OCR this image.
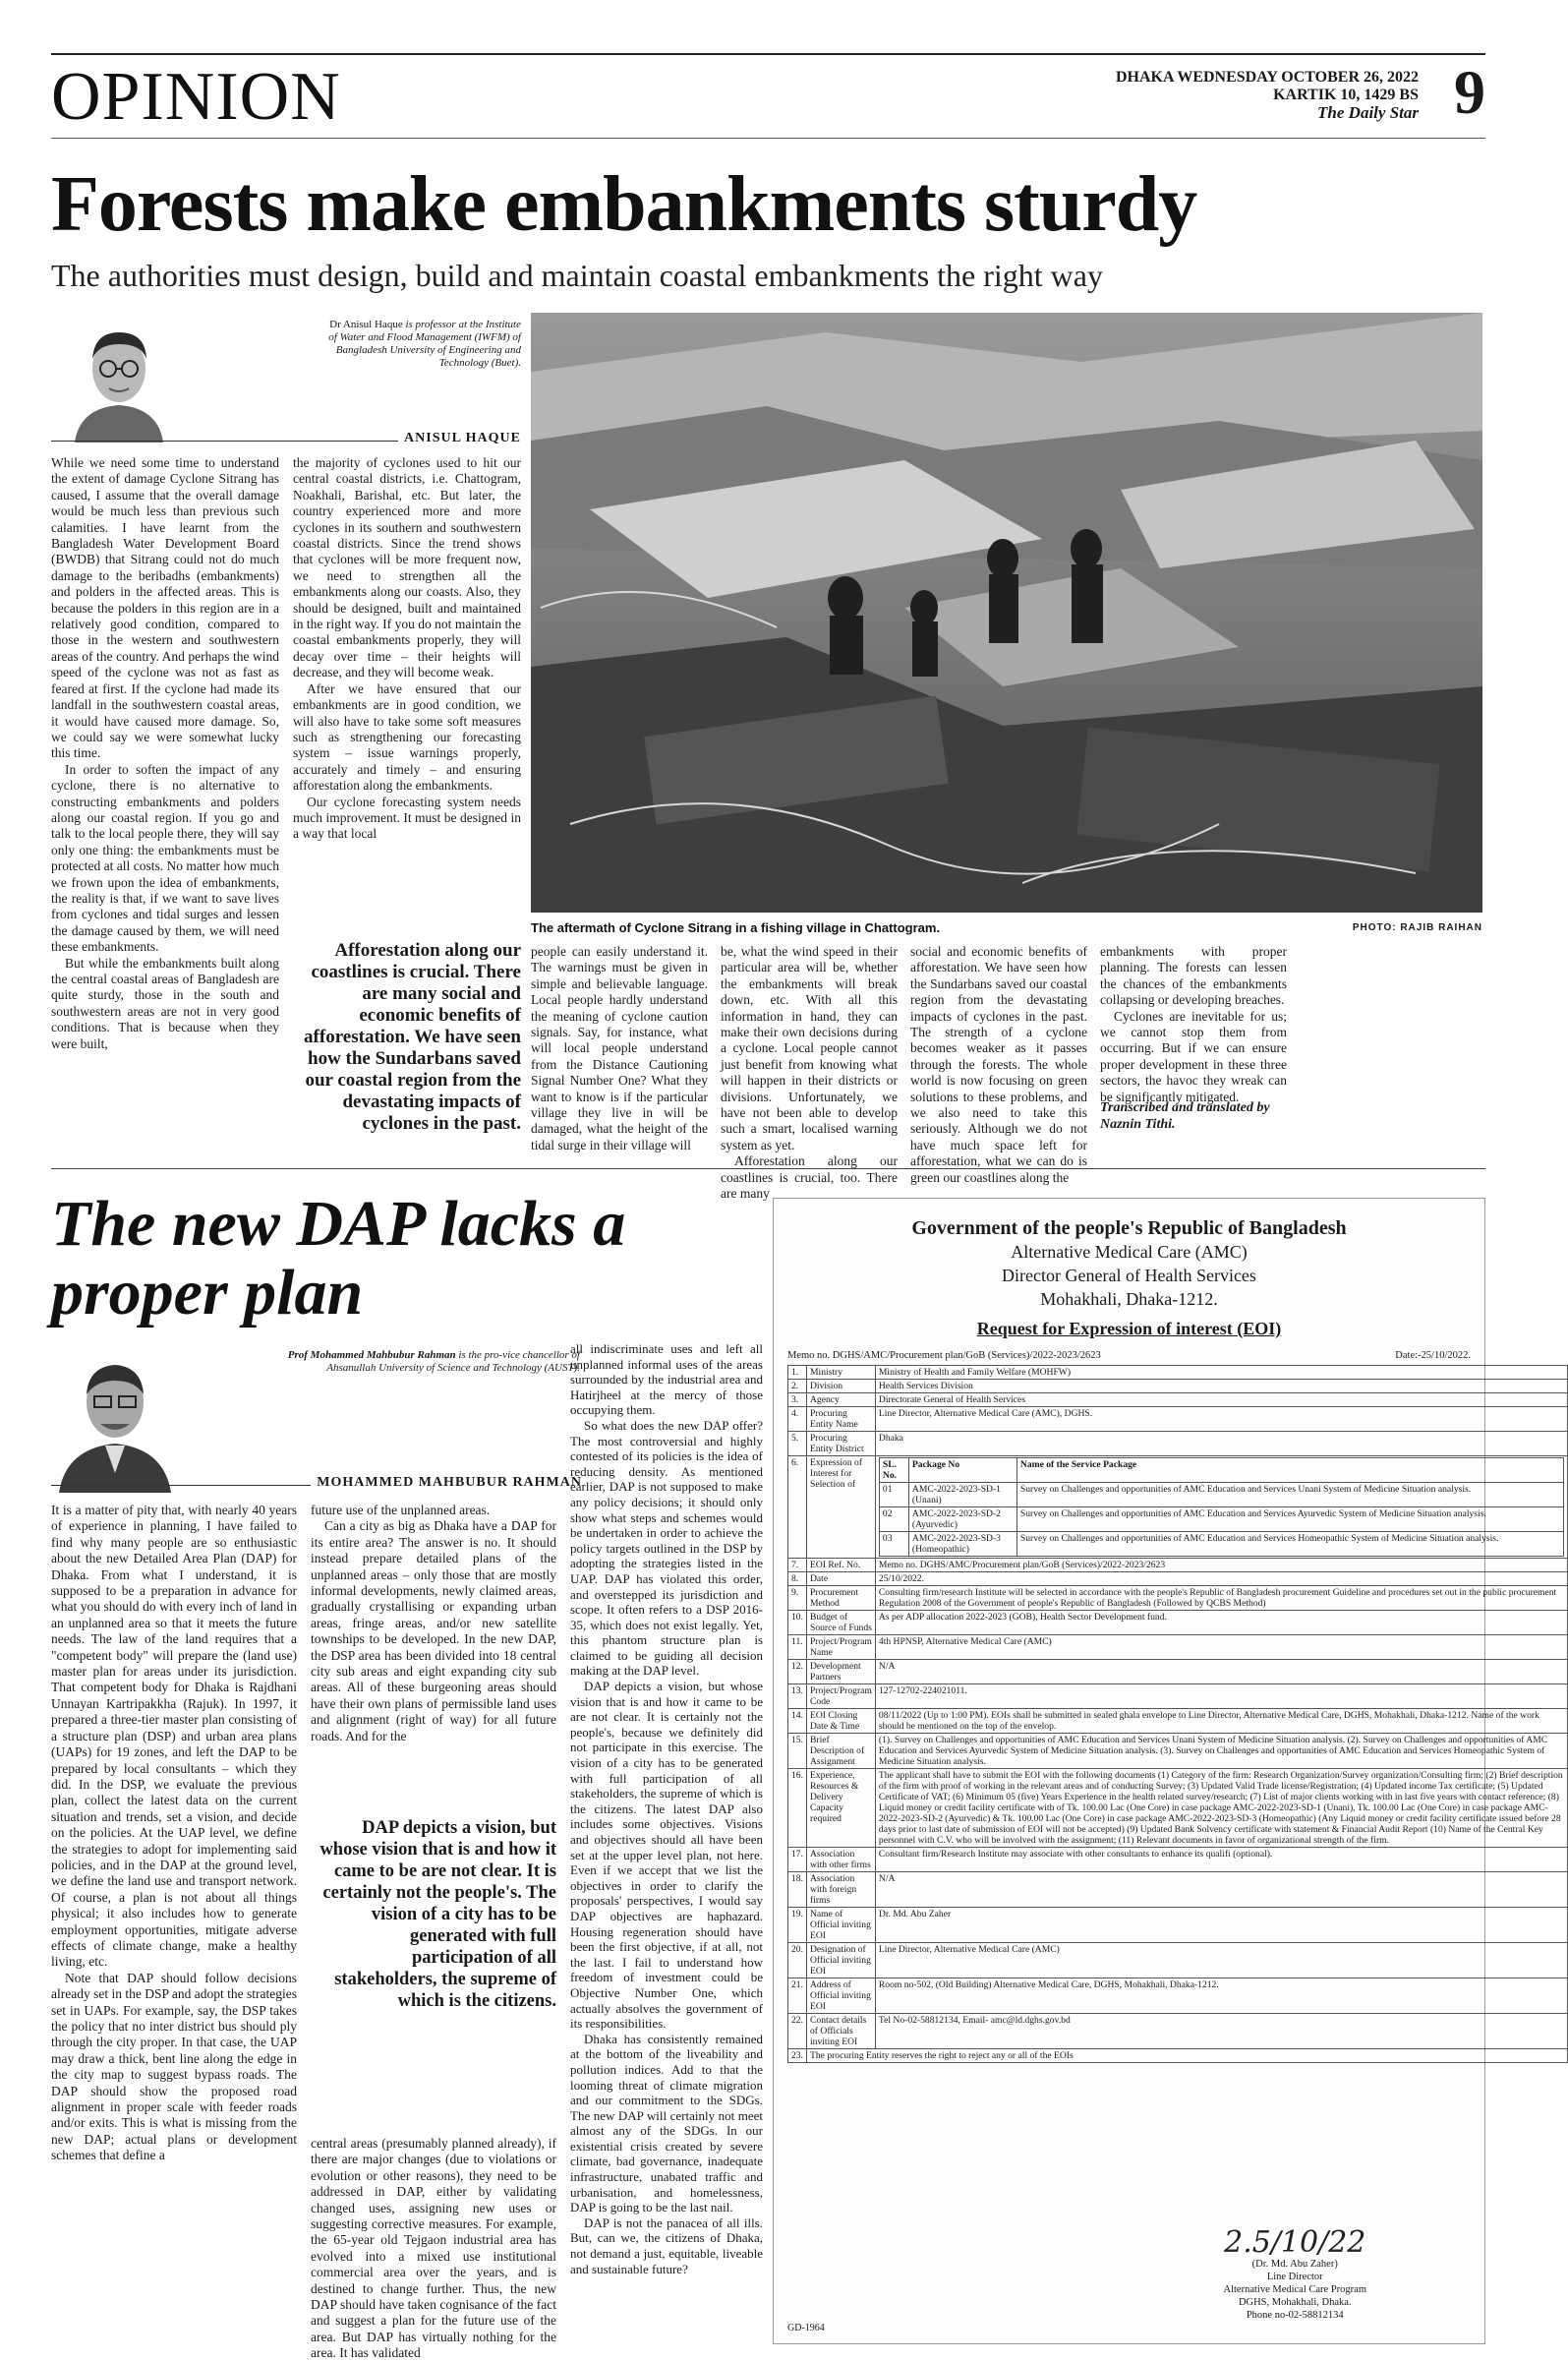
OPINION	DHAKA WEDNESDAY OCTOBER 26, 2022
KARTIK 10, 1429 BS
The Daily Star 9
Forests make embankments sturdy
The authorities must design, build and maintain coastal embankments the right way
Dr Anisul Haque is professor at the Institute of Water and Flood Management (IWFM) of Bangladesh University of Engineering and Technology (Buet).
ANISUL HAQUE
The aftermath of Cyclone Sitrang in a fishing village in Chattogram.	PHOTO: RAJIB RAIHAN

While we need some time to understand the extent of damage Cyclone Sitrang has caused, I assume that the overall damage would be much less than previous such calamities. I have learnt from the Bangladesh Water Development Board (BWDB) that Sitrang could not do much damage to the beribadhs (embankments) and polders in the affected areas. This is because the polders in this region are in a relatively good condition, compared to those in the western and southwestern areas of the country. And perhaps the wind speed of the cyclone was not as fast as feared at first. If the cyclone had made its landfall in the southwestern coastal areas, it would have caused more damage. So, we could say we were somewhat lucky this time.

In order to soften the impact of any cyclone, there is no alternative to constructing embankments and polders along our coastal region. If you go and talk to the local people there, they will say only one thing: the embankments must be protected at all costs. No matter how much we frown upon the idea of embankments, the reality is that, if we want to save lives from cyclones and tidal surges and lessen the damage caused by them, we will need these embankments.

But while the embankments built along the central coastal areas of Bangladesh are quite sturdy, those in the south and southwestern areas are not in very good conditions. That is because when they were built,

the majority of cyclones used to hit our central coastal districts, i.e. Chattogram, Noakhali, Barishal, etc. But later, the country experienced more and more cyclones in its southern and southwestern coastal districts. Since the trend shows that cyclones will be more frequent now, we need to strengthen all the embankments along our coasts. Also, they should be designed, built and maintained in the right way. If you do not maintain the coastal embankments properly, they will decay over time – their heights will decrease, and they will become weak.

After we have ensured that our embankments are in good condition, we will also have to take some soft measures such as strengthening our forecasting system – issue warnings properly, accurately and timely – and ensuring afforestation along the embankments.

Our cyclone forecasting system needs much improvement. It must be designed in a way that local

Afforestation along our coastlines is crucial. There are many social and economic benefits of afforestation. We have seen how the Sundarbans saved our coastal region from the devastating impacts of cyclones in the past.

people can easily understand it. The warnings must be given in simple and believable language. Local people hardly understand the meaning of cyclone caution signals. Say, for instance, what will local people understand from the Distance Cautioning Signal Number One? What they want to know is if the particular village they live in will be damaged, what the height of the tidal surge in their village will

be, what the wind speed in their particular area will be, whether the embankments will break down, etc. With all this information in hand, they can make their own decisions during a cyclone. Local people cannot just benefit from knowing what will happen in their districts or divisions. Unfortunately, we have not been able to develop such a smart, localised warning system as yet.

Afforestation along our coastlines is crucial, too. There are many

social and economic benefits of afforestation. We have seen how the Sundarbans saved our coastal region from the devastating impacts of cyclones in the past. The strength of a cyclone becomes weaker as it passes through the forests. The whole world is now focusing on green solutions to these problems, and we also need to take this seriously. Although we do not have much space left for afforestation, what we can do is green our coastlines along the

embankments with proper planning. The forests can lessen the chances of the embankments collapsing or developing breaches.

Cyclones are inevitable for us; we cannot stop them from occurring. But if we can ensure proper development in these three sectors, the havoc they wreak can be significantly mitigated.

Transcribed and translated by Naznin Tithi.
The new DAP lacks a proper plan
Prof Mohammed Mahbubur Rahman is the pro-vice chancellor of Ahsanullah University of Science and Technology (AUST).
MOHAMMED MAHBUBUR RAHMAN

It is a matter of pity that, with nearly 40 years of experience in planning, I have failed to find why many people are so enthusiastic about the new Detailed Area Plan (DAP) for Dhaka. From what I understand, it is supposed to be a preparation in advance for what you should do with every inch of land in an unplanned area so that it meets the future needs. The law of the land requires that a "competent body" will prepare the (land use) master plan for areas under its jurisdiction. That competent body for Dhaka is Rajdhani Unnayan Kartripakkha (Rajuk). In 1997, it prepared a three-tier master plan consisting of a structure plan (DSP) and urban area plans (UAPs) for 19 zones, and left the DAP to be prepared by local consultants – which they did. In the DSP, we evaluate the previous plan, collect the latest data on the current situation and trends, set a vision, and decide on the policies. At the UAP level, we define the strategies to adopt for implementing said policies, and in the DAP at the ground level, we define the land use and transport network. Of course, a plan is not about all things physical; it also includes how to generate employment opportunities, mitigate adverse effects of climate change, make a healthy living, etc.

Note that DAP should follow decisions already set in the DSP and adopt the strategies set in UAPs. For example, say, the DSP takes the policy that no inter district bus should ply through the city proper. In that case, the UAP may draw a thick, bent line along the edge in the city map to suggest bypass roads. The DAP should show the proposed road alignment in proper scale with feeder roads and/or exits. This is what is missing from the new DAP; actual plans or development schemes that define a

future use of the unplanned areas.

Can a city as big as Dhaka have a DAP for its entire area? The answer is no. It should instead prepare detailed plans of the unplanned areas – only those that are mostly informal developments, newly claimed areas, gradually crystallising or expanding urban areas, fringe areas, and/or new satellite townships to be developed. In the new DAP, the DSP area has been divided into 18 central city sub areas and eight expanding city sub areas. All of these burgeoning areas should have their own plans of permissible land uses and alignment (right of way) for all future roads. And for the

DAP depicts a vision, but whose vision that is and how it came to be are not clear. It is certainly not the people's. The vision of a city has to be generated with full participation of all stakeholders, the supreme of which is the citizens.

central areas (presumably planned already), if there are major changes (due to violations or evolution or other reasons), they need to be addressed in DAP, either by validating changed uses, assigning new uses or suggesting corrective measures. For example, the 65-year old Tejgaon industrial area has evolved into a mixed use institutional commercial area over the years, and is destined to change further. Thus, the new DAP should have taken cognisance of the fact and suggest a plan for the future use of the area. But DAP has virtually nothing for the area. It has validated

all indiscriminate uses and left all unplanned informal uses of the areas surrounded by the industrial area and Hatirjheel at the mercy of those occupying them.

So what does the new DAP offer? The most controversial and highly contested of its policies is the idea of reducing density. As mentioned earlier, DAP is not supposed to make any policy decisions; it should only show what steps and schemes would be undertaken in order to achieve the policy targets outlined in the DSP by adopting the strategies listed in the UAP. DAP has violated this order, and overstepped its jurisdiction and scope. It often refers to a DSP 2016-35, which does not exist legally. Yet, this phantom structure plan is claimed to be guiding all decision making at the DAP level.

DAP depicts a vision, but whose vision that is and how it came to be are not clear. It is certainly not the people's, because we definitely did not participate in this exercise. The vision of a city has to be generated with full participation of all stakeholders, the supreme of which is the citizens. The latest DAP also includes some objectives. Visions and objectives should all have been set at the upper level plan, not here. Even if we accept that we list the objectives in order to clarify the proposals' perspectives, I would say DAP objectives are haphazard. Housing regeneration should have been the first objective, if at all, not the last. I fail to understand how freedom of investment could be Objective Number One, which actually absolves the government of its responsibilities.

Dhaka has consistently remained at the bottom of the liveability and pollution indices. Add to that the looming threat of climate migration and our commitment to the SDGs. The new DAP will certainly not meet almost any of the SDGs. In our existential crisis created by severe climate, bad governance, inadequate infrastructure, unabated traffic and urbanisation, and homelessness, DAP is going to be the last nail.

DAP is not the panacea of all ills. But, can we, the citizens of Dhaka, not demand a just, equitable, liveable and sustainable future?

Government of the people's Republic of Bangladesh
Alternative Medical Care (AMC)
Director General of Health Services
Mohakhali, Dhaka-1212.
Request for Expression of interest (EOI)
Memo no. DGHS/AMC/Procurement plan/GoB (Services)/2022-2023/2623	Date:-25/10/2022.
1.	Ministry	Ministry of Health and Family Welfare (MOHFW)
2.	Division	Health Services Division
3.	Agency	Directorate General of Health Services
4.	Procuring Entity Name	Line Director, Alternative Medical Care (AMC), DGHS.
5.	Procuring Entity District	Dhaka
6.	Expression of Interest for Selection of	
SL. No.	Package No	Name of the Service Package
01	AMC-2022-2023-SD-1 (Unani)	Survey on Challenges and opportunities of AMC Education and Services Unani System of Medicine Situation analysis.
02	AMC-2022-2023-SD-2 (Ayurvedic)	Survey on Challenges and opportunities of AMC Education and Services Ayurvedic System of Medicine Situation analysis.
03	AMC-2022-2023-SD-3 (Homeopathic)	Survey on Challenges and opportunities of AMC Education and Services Homeopathic System of Medicine Situation analysis.

7.	EOI Ref. No.	Memo no. DGHS/AMC/Procurement plan/GoB (Services)/2022-2023/2623
8.	Date	25/10/2022.
9.	Procurement Method	Consulting firm/research Institute will be selected in accordance with the people's Republic of Bangladesh procurement Guideline and procedures set out in the public procurement Regulation 2008 of the Government of people's Republic of Bangladesh (Followed by QCBS Method)
10.	Budget of Source of Funds	As per ADP allocation 2022-2023 (GOB), Health Sector Development fund.
11.	Project/Program Name	4th HPNSP, Alternative Medical Care (AMC)
12.	Development Partners	N/A
13.	Project/Program Code	127-12702-224021011.
14.	EOI Closing Date & Time	08/11/2022 (Up to 1:00 PM). EOIs shall be submitted in sealed ghala envelope to Line Director, Alternative Medical Care, DGHS, Mohakhali, Dhaka-1212. Name of the work should be mentioned on the top of the envelop.
15.	Brief Description of Assignment	(1). Survey on Challenges and opportunities of AMC Education and Services Unani System of Medicine Situation analysis. (2). Survey on Challenges and opportunities of AMC Education and Services Ayurvedic System of Medicine Situation analysis. (3). Survey on Challenges and opportunities of AMC Education and Services Homeopathic System of Medicine Situation analysis.
16.	Experience, Resources & Delivery Capacity required	The applicant shall have to submit the EOI with the following documents (1) Category of the firm: Research Organization/Survey organization/Consulting firm; (2) Brief description of the firm with proof of working in the relevant areas and of conducting Survey; (3) Updated Valid Trade license/Registration; (4) Updated income Tax certificate; (5) Updated Certificate of VAT; (6) Minimum 05 (five) Years Experience in the health related survey/research; (7) List of major clients working with in last five years with contact reference; (8) Liquid money or credit facility certificate with of Tk. 100.00 Lac (One Core) in case package AMC-2022-2023-SD-1 (Unani), Tk. 100.00 Lac (One Core) in case package AMC-2022-2023-SD-2 (Ayurvedic) & Tk. 100.00 Lac (One Core) in case package AMC-2022-2023-SD-3 (Homeopathic) (Any Liquid money or credit facility certificate issued before 28 days prior to last date of submission of EOI will not be accepted) (9) Updated Bank Solvency certificate with statement & Financial Audit Report (10) Name of the Central Key personnel with C.V. who will be involved with the assignment; (11) Relevant documents in favor of organizational strength of the firm.
17.	Association with other firms	Consultant firm/Research Institute may associate with other consultants to enhance its qualifi (optional).
18.	Association with foreign firms	N/A
19.	Name of Official inviting EOI	Dr. Md. Abu Zaher
20.	Designation of Official inviting EOI	Line Director, Alternative Medical Care (AMC)
21.	Address of Official inviting EOI	Room no-502, (Old Building) Alternative Medical Care, DGHS, Mohakhali, Dhaka-1212.
22.	Contact details of Officials inviting EOI	Tel No-02-58812134, Email- amc@ld.dghs.gov.bd
23.	The procuring Entity reserves the right to reject any or all of the EOIs
2.5/10/22
(Dr. Md. Abu Zaher)
Line Director
Alternative Medical Care Program
DGHS, Mohakhali, Dhaka.
Phone no-02-58812134
GD-1964
